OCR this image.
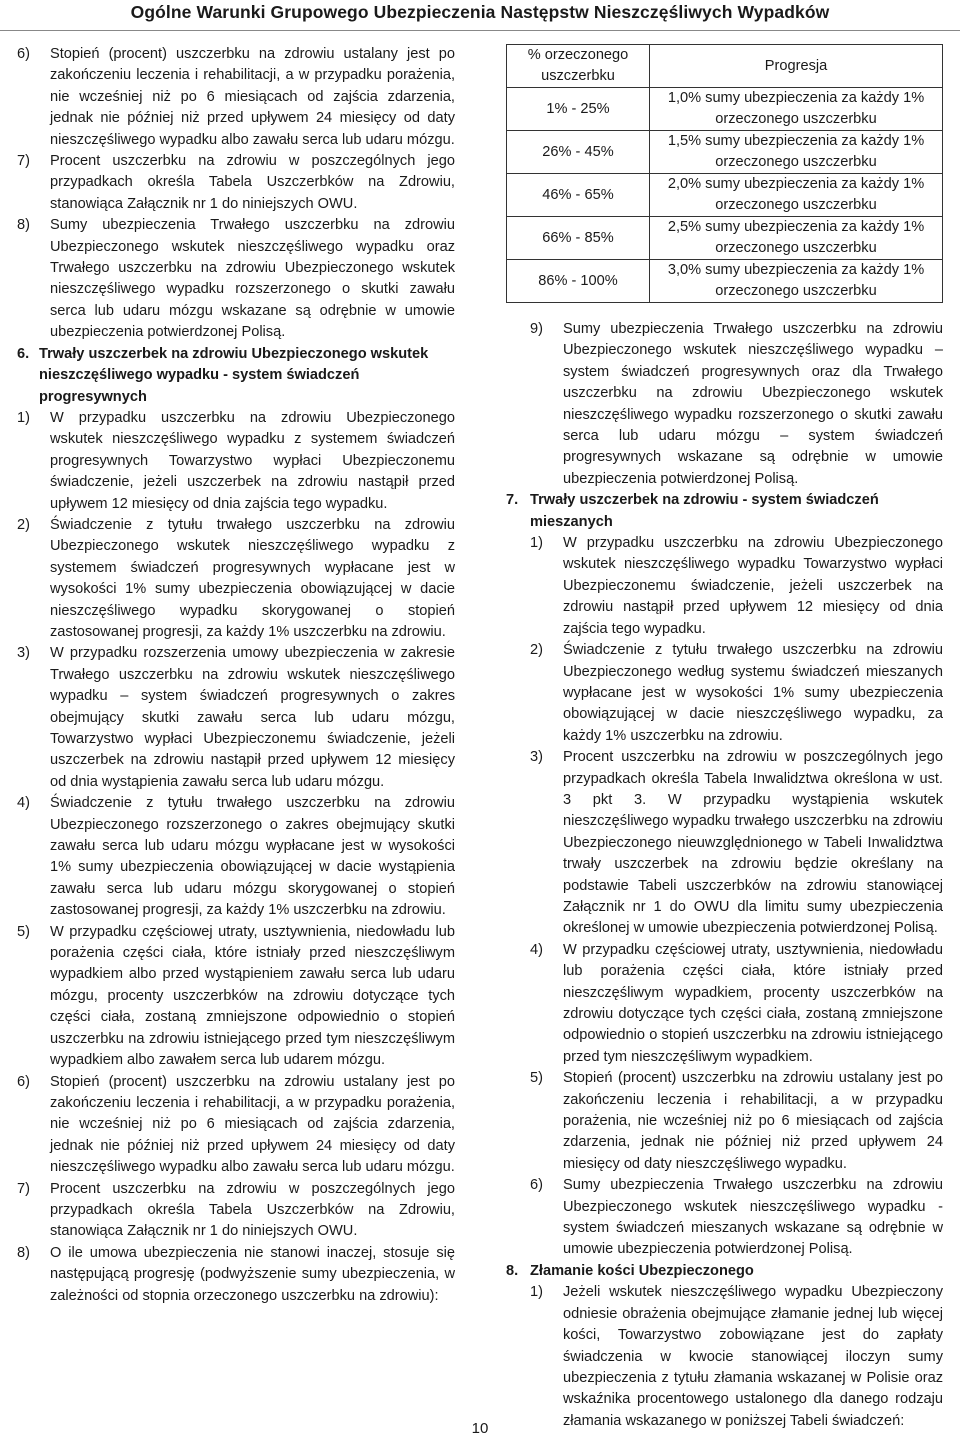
Ogólne Warunki Grupowego Ubezpieczenia Następstw Nieszczęśliwych Wypadków
6)	Stopień (procent) uszczerbku na zdrowiu ustalany jest po zakończeniu leczenia i rehabilitacji, a w przypadku porażenia, nie wcześniej niż po 6 miesiącach od zajścia zdarzenia, jednak nie później niż przed upływem 24 miesięcy od daty nieszczęśliwego wypadku albo zawału serca lub udaru mózgu.
7)	Procent uszczerbku na zdrowiu w poszczególnych jego przypadkach określa Tabela Uszczerbków na Zdrowiu, stanowiąca Załącznik nr 1 do niniejszych OWU.
8)	Sumy ubezpieczenia Trwałego uszczerbku na zdrowiu Ubezpieczonego wskutek nieszczęśliwego wypadku oraz Trwałego uszczerbku na zdrowiu Ubezpieczonego wskutek nieszczęśliwego wypadku rozszerzonego o skutki zawału serca lub udaru mózgu wskazane są odrębnie w umowie ubezpieczenia potwierdzonej Polisą.
6. Trwały uszczerbek na zdrowiu Ubezpieczonego wskutek nieszczęśliwego wypadku - system świadczeń progresywnych
1)	W przypadku uszczerbku na zdrowiu Ubezpieczonego wskutek nieszczęśliwego wypadku z systemem świadczeń progresywnych Towarzystwo wypłaci Ubezpieczonemu świadczenie, jeżeli uszczerbek na zdrowiu nastąpił przed upływem 12 miesięcy od dnia zajścia tego wypadku.
2)	Świadczenie z tytułu trwałego uszczerbku na zdrowiu Ubezpieczonego wskutek nieszczęśliwego wypadku z systemem świadczeń progresywnych wypłacane jest w wysokości 1% sumy ubezpieczenia obowiązującej w dacie nieszczęśliwego wypadku skorygowanej o stopień zastosowanej progresji, za każdy 1% uszczerbku na zdrowiu.
3)	W przypadku rozszerzenia umowy ubezpieczenia w zakresie Trwałego uszczerbku na zdrowiu wskutek nieszczęśliwego wypadku – system świadczeń progresywnych o zakres obejmujący skutki zawału serca lub udaru mózgu, Towarzystwo wypłaci Ubezpieczonemu świadczenie, jeżeli uszczerbek na zdrowiu nastąpił przed upływem 12 miesięcy od dnia wystąpienia zawału serca lub udaru mózgu.
4)	Świadczenie z tytułu trwałego uszczerbku na zdrowiu Ubezpieczonego rozszerzonego o zakres obejmujący skutki zawału serca lub udaru mózgu wypłacane jest w wysokości 1% sumy ubezpieczenia obowiązującej w dacie wystąpienia zawału serca lub udaru mózgu skorygowanej o stopień zastosowanej progresji, za każdy 1% uszczerbku na zdrowiu.
5)	W przypadku częściowej utraty, usztywnienia, niedowładu lub porażenia części ciała, które istniały przed nieszczęśliwym wypadkiem albo przed wystąpieniem zawału serca lub udaru mózgu, procenty uszczerbków na zdrowiu dotyczące tych części ciała, zostaną zmniejszone odpowiednio o stopień uszczerbku na zdrowiu istniejącego przed tym nieszczęśliwym wypadkiem albo zawałem serca lub udarem mózgu.
6)	Stopień (procent) uszczerbku na zdrowiu ustalany jest po zakończeniu leczenia i rehabilitacji, a w przypadku porażenia, nie wcześniej niż po 6 miesiącach od zajścia zdarzenia, jednak nie później niż przed upływem 24 miesięcy od daty nieszczęśliwego wypadku albo zawału serca lub udaru mózgu.
7)	Procent uszczerbku na zdrowiu w poszczególnych jego przypadkach określa Tabela Uszczerbków na Zdrowiu, stanowiąca Załącznik nr 1 do niniejszych OWU.
8)	O ile umowa ubezpieczenia nie stanowi inaczej, stosuje się następującą progresję (podwyższenie sumy ubezpieczenia, w zależności od stopnia orzeczonego uszczerbku na zdrowiu):
% orzeczonego uszczerbku	Progresja
1% - 25%	1,0% sumy ubezpieczenia za każdy 1% orzeczonego uszczerbku
26% - 45%	1,5% sumy ubezpieczenia za każdy 1% orzeczonego uszczerbku
46% - 65%	2,0% sumy ubezpieczenia za każdy 1% orzeczonego uszczerbku
66% - 85%	2,5% sumy ubezpieczenia za każdy 1% orzeczonego uszczerbku
86% - 100%	3,0% sumy ubezpieczenia za każdy 1% orzeczonego uszczerbku
9)	Sumy ubezpieczenia Trwałego uszczerbku na zdrowiu Ubezpieczonego wskutek nieszczęśliwego wypadku – system świadczeń progresywnych oraz dla Trwałego uszczerbku na zdrowiu Ubezpieczonego wskutek nieszczęśliwego wypadku rozszerzonego o skutki zawału serca lub udaru mózgu – system świadczeń progresywnych wskazane są odrębnie w umowie ubezpieczenia potwierdzonej Polisą.
7. Trwały uszczerbek na zdrowiu - system świadczeń mieszanych
1)	W przypadku uszczerbku na zdrowiu Ubezpieczonego wskutek nieszczęśliwego wypadku Towarzystwo wypłaci Ubezpieczonemu świadczenie, jeżeli uszczerbek na zdrowiu nastąpił przed upływem 12 miesięcy od dnia zajścia tego wypadku.
2)	Świadczenie z tytułu trwałego uszczerbku na zdrowiu Ubezpieczonego według systemu świadczeń mieszanych wypłacane jest w wysokości 1% sumy ubezpieczenia obowiązującej w dacie nieszczęśliwego wypadku, za każdy 1% uszczerbku na zdrowiu.
3)	Procent uszczerbku na zdrowiu w poszczególnych jego przypadkach określa Tabela Inwalidztwa określona w ust. 3 pkt 3. W przypadku wystąpienia wskutek nieszczęśliwego wypadku trwałego uszczerbku na zdrowiu Ubezpieczonego nieuwzględnionego w Tabeli Inwalidztwa trwały uszczerbek na zdrowiu będzie określany na podstawie Tabeli uszczerbków na zdrowiu stanowiącej Załącznik nr 1 do OWU dla limitu sumy ubezpieczenia określonej w umowie ubezpieczenia potwierdzonej Polisą.
4)	W przypadku częściowej utraty, usztywnienia, niedowładu lub porażenia części ciała, które istniały przed nieszczęśliwym wypadkiem, procenty uszczerbków na zdrowiu dotyczące tych części ciała, zostaną zmniejszone odpowiednio o stopień uszczerbku na zdrowiu istniejącego przed tym nieszczęśliwym wypadkiem.
5)	Stopień (procent) uszczerbku na zdrowiu ustalany jest po zakończeniu leczenia i rehabilitacji, a w przypadku porażenia, nie wcześniej niż po 6 miesiącach od zajścia zdarzenia, jednak nie później niż przed upływem 24 miesięcy od daty nieszczęśliwego wypadku.
6)	Sumy ubezpieczenia Trwałego uszczerbku na zdrowiu Ubezpieczonego wskutek nieszczęśliwego wypadku - system świadczeń mieszanych wskazane są odrębnie w umowie ubezpieczenia potwierdzonej Polisą.
8. Złamanie kości Ubezpieczonego
1)	Jeżeli wskutek nieszczęśliwego wypadku Ubezpieczony odniesie obrażenia obejmujące złamanie jednej lub więcej kości, Towarzystwo zobowiązane jest do zapłaty świadczenia w kwocie stanowiącej iloczyn sumy ubezpieczenia z tytułu złamania wskazanej w Polisie oraz wskaźnika procentowego ustalonego dla danego rodzaju złamania wskazanego w poniższej Tabeli świadczeń:
10
